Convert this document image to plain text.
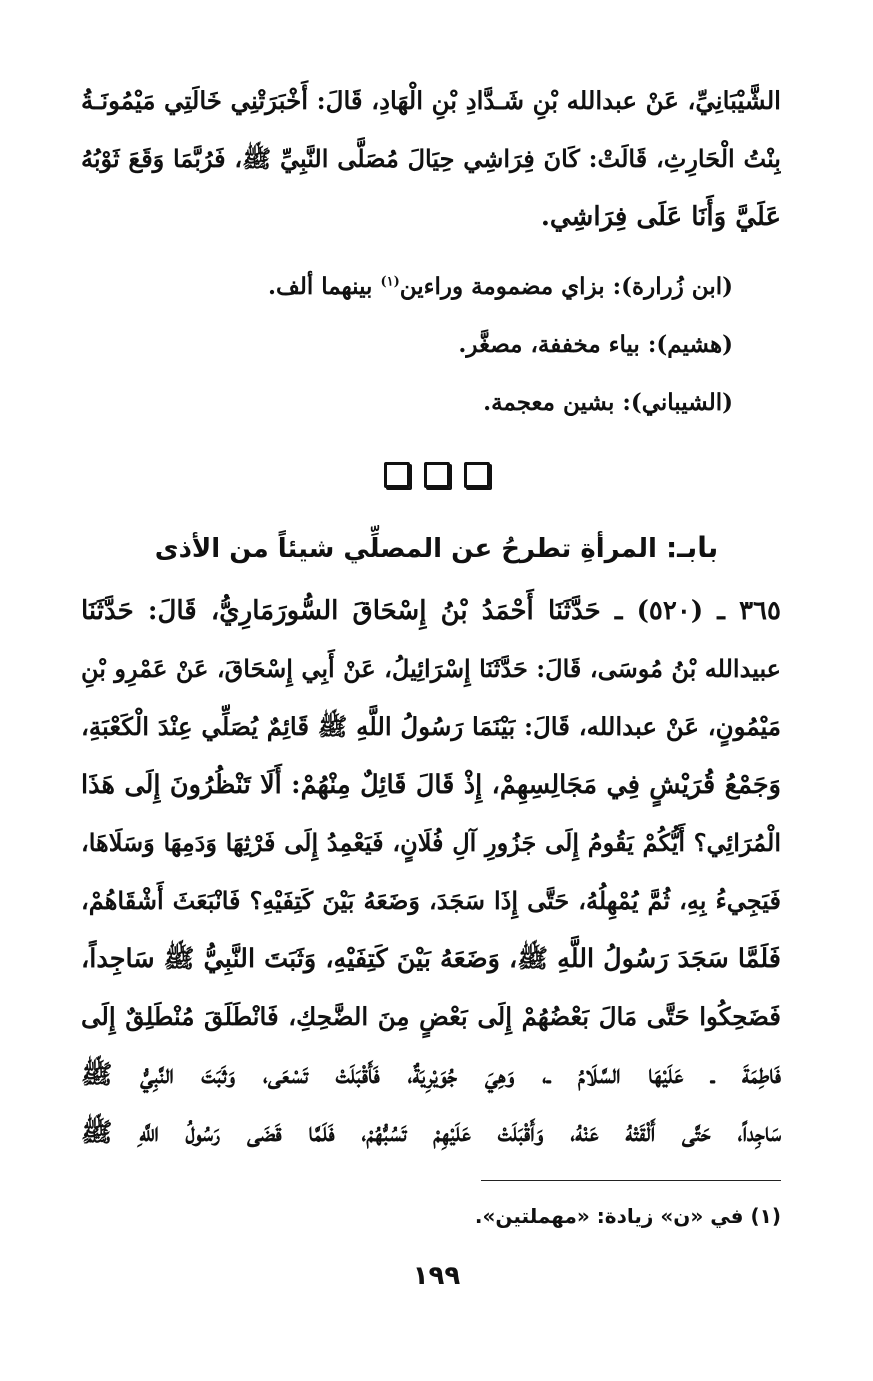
الشَّيْبَانِيِّ، عَنْ عبدالله بْنِ شَـدَّادِ بْنِ الْهَادِ، قَالَ: أَخْبَرَتْنِي خَالَتِي مَيْمُونَـةُ
بِنْتُ الْحَارِثِ، قَالَتْ: كَانَ فِرَاشِي حِيَالَ مُصَلَّى النَّبِيِّ ﷺ، فَرُبَّمَا وَقَعَ ثَوْبُهُ
عَلَيَّ وَأَنَا عَلَى فِرَاشِي.
(ابن زُرارة): بزاي مضمومة وراءين$^{(١)}$ بينهما ألف.
(هشيم): بياء مخففة، مصغَّر.
(الشيباني): بشين معجمة.
بابـ: المرأةِ تطرحُ عن المصلِّي شيئاً من الأذى
٣٦٥ ـ (٥٢٠) ـ حَدَّثَنَا أَحْمَدُ بْنُ إِسْحَاقَ السُّورَمَارِيُّ، قَالَ: حَدَّثَنَا
عبيدالله بْنُ مُوسَى، قَالَ: حَدَّثَنَا إِسْرَائِيلُ، عَنْ أَبِي إِسْحَاقَ، عَنْ عَمْرِو بْنِ
مَيْمُونٍ، عَنْ عبدالله، قَالَ: بَيْنَمَا رَسُولُ اللَّهِ ﷺ قَائِمٌ يُصَلِّي عِنْدَ الْكَعْبَةِ،
وَجَمْعُ قُرَيْشٍ فِي مَجَالِسِهِمْ، إِذْ قَالَ قَائِلٌ مِنْهُمْ: أَلَا تَنْظُرُونَ إِلَى هَذَا
الْمُرَائِي؟ أَيُّكُمْ يَقُومُ إِلَى جَزُورِ آلِ فُلَانٍ، فَيَعْمِدُ إِلَى فَرْثِهَا وَدَمِهَا وَسَلَاهَا،
فَيَجِيءُ بِهِ، ثُمَّ يُمْهِلُهُ، حَتَّى إِذَا سَجَدَ، وَضَعَهُ بَيْنَ كَتِفَيْهِ؟ فَانْبَعَثَ أَشْقَاهُمْ،
فَلَمَّا سَجَدَ رَسُولُ اللَّهِ ﷺ، وَضَعَهُ بَيْنَ كَتِفَيْهِ، وَثَبَتَ النَّبِيُّ ﷺ سَاجِداً،
فَضَحِكُوا حَتَّى مَالَ بَعْضُهُمْ إِلَى بَعْضٍ مِنَ الضَّحِكِ، فَانْطَلَقَ مُنْطَلِقٌ إِلَى
فَاطِمَةَ ـ عَلَيْهَا السَّلَامُ ـ، وَهِيَ جُوَيْرِيَةٌ، فَأَقْبَلَتْ تَسْعَى، وَثَبَتَ النَّبِيُّ ﷺ
سَاجِداً، حَتَّى أَلْقَتْهُ عَنْهُ، وَأَقْبَلَتْ عَلَيْهِمْ تَسُبُّهُمْ، فَلَمَّا قَضَى رَسُولُ اللَّهِ ﷺ
(١) في «ن» زيادة: «مهملتين».
١٩٩
